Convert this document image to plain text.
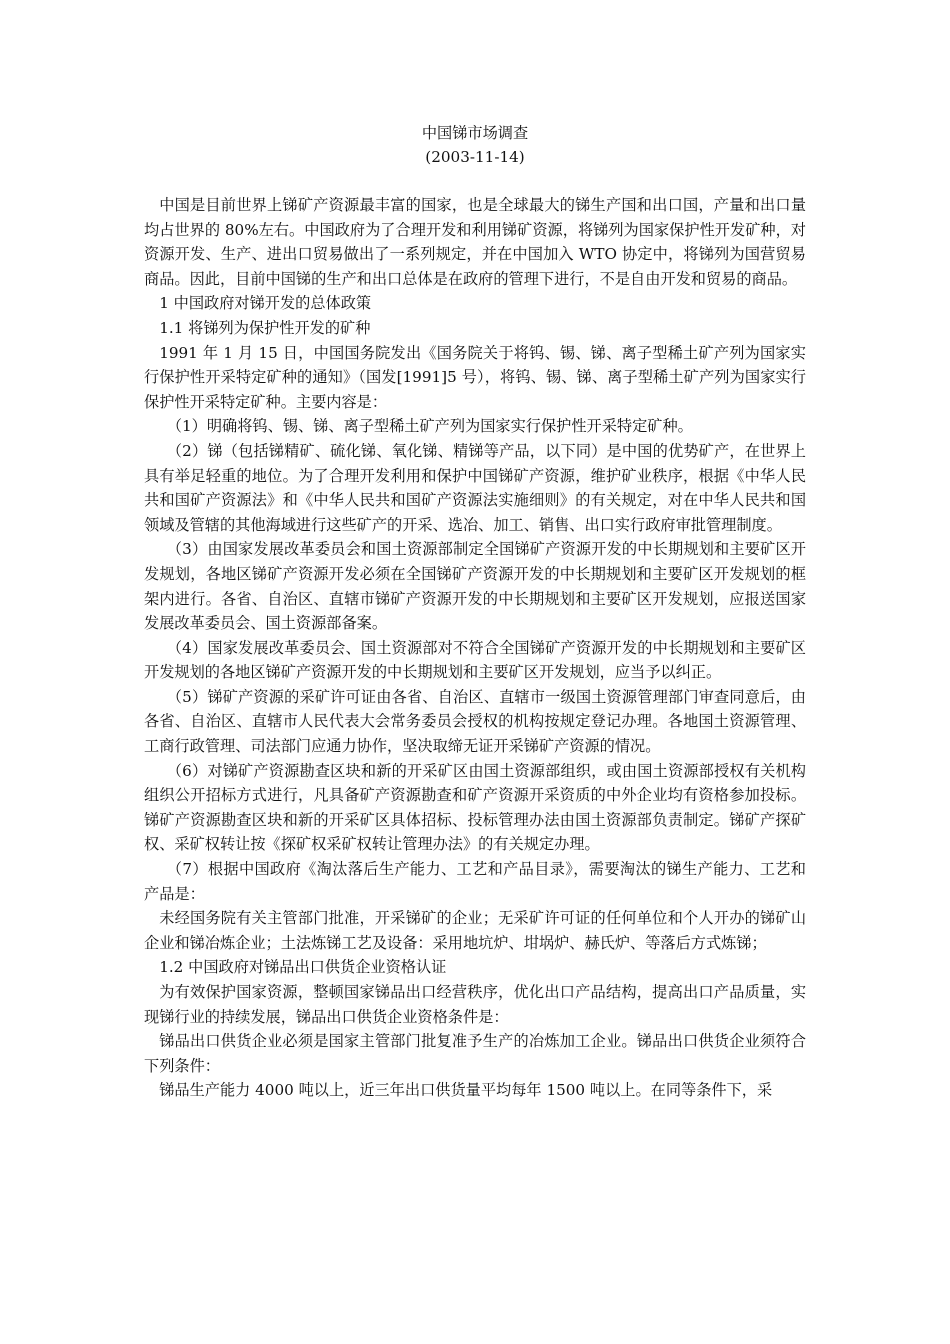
中国锑市场调查

(2003-11-14)

中国是目前世界上锑矿产资源最丰富的国家，也是全球最大的锑生产国和出口国，产量和出口量均占世界的 80%左右。中国政府为了合理开发和利用锑矿资源，将锑列为国家保护性开发矿种，对资源开发、生产、进出口贸易做出了一系列规定，并在中国加入 WTO 协定中，将锑列为国营贸易商品。因此，目前中国锑的生产和出口总体是在政府的管理下进行，不是自由开发和贸易的商品。

1 中国政府对锑开发的总体政策

1.1 将锑列为保护性开发的矿种

1991 年 1 月 15 日，中国国务院发出《国务院关于将钨、锡、锑、离子型稀土矿产列为国家实行保护性开采特定矿种的通知》（国发[1991]5 号），将钨、锡、锑、离子型稀土矿产列为国家实行保护性开采特定矿种。主要内容是：

（1）明确将钨、锡、锑、离子型稀土矿产列为国家实行保护性开采特定矿种。

（2）锑（包括锑精矿、硫化锑、氧化锑、精锑等产品，以下同）是中国的优势矿产，在世界上具有举足轻重的地位。为了合理开发利用和保护中国锑矿产资源，维护矿业秩序，根据《中华人民共和国矿产资源法》和《中华人民共和国矿产资源法实施细则》的有关规定，对在中华人民共和国领域及管辖的其他海域进行这些矿产的开采、选冶、加工、销售、出口实行政府审批管理制度。

（3）由国家发展改革委员会和国土资源部制定全国锑矿产资源开发的中长期规划和主要矿区开发规划，各地区锑矿产资源开发必须在全国锑矿产资源开发的中长期规划和主要矿区开发规划的框架内进行。各省、自治区、直辖市锑矿产资源开发的中长期规划和主要矿区开发规划，应报送国家发展改革委员会、国土资源部备案。

（4）国家发展改革委员会、国土资源部对不符合全国锑矿产资源开发的中长期规划和主要矿区开发规划的各地区锑矿产资源开发的中长期规划和主要矿区开发规划，应当予以纠正。

（5）锑矿产资源的采矿许可证由各省、自治区、直辖市一级国土资源管理部门审查同意后，由各省、自治区、直辖市人民代表大会常务委员会授权的机构按规定登记办理。各地国土资源管理、工商行政管理、司法部门应通力协作，坚决取缔无证开采锑矿产资源的情况。

（6）对锑矿产资源勘查区块和新的开采矿区由国土资源部组织，或由国土资源部授权有关机构组织公开招标方式进行，凡具备矿产资源勘查和矿产资源开采资质的中外企业均有资格参加投标。锑矿产资源勘查区块和新的开采矿区具体招标、投标管理办法由国土资源部负责制定。锑矿产探矿权、采矿权转让按《探矿权采矿权转让管理办法》的有关规定办理。

（7）根据中国政府《淘汰落后生产能力、工艺和产品目录》，需要淘汰的锑生产能力、工艺和产品是：

未经国务院有关主管部门批准，开采锑矿的企业；无采矿许可证的任何单位和个人开办的锑矿山企业和锑冶炼企业；土法炼锑工艺及设备：采用地坑炉、坩埚炉、赫氏炉、等落后方式炼锑；

1.2 中国政府对锑品出口供货企业资格认证

为有效保护国家资源，整顿国家锑品出口经营秩序，优化出口产品结构，提高出口产品质量，实现锑行业的持续发展，锑品出口供货企业资格条件是：

锑品出口供货企业必须是国家主管部门批复准予生产的冶炼加工企业。锑品出口供货企业须符合下列条件：

锑品生产能力 4000 吨以上，近三年出口供货量平均每年 1500 吨以上。在同等条件下，采
